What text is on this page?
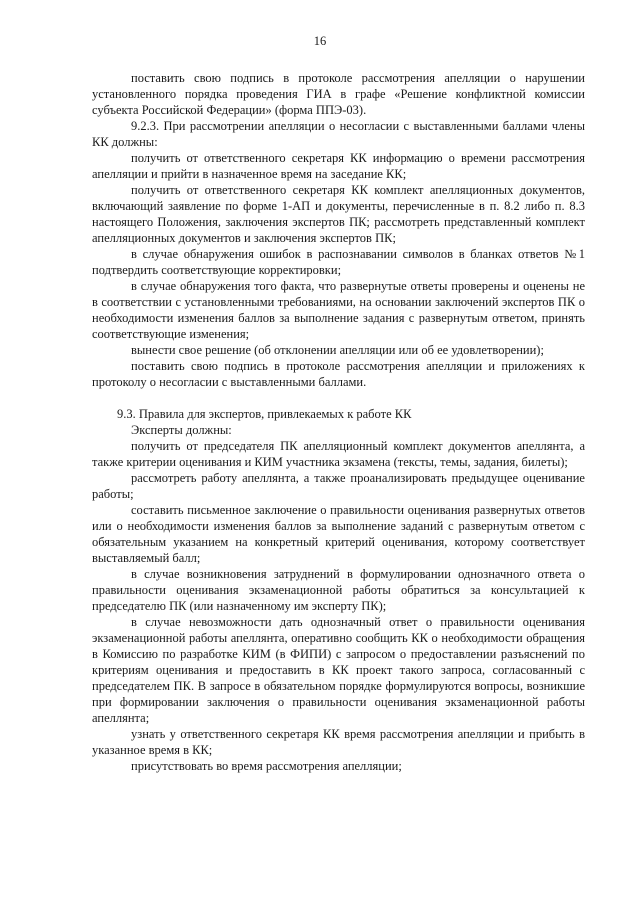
16

поставить свою подпись в протоколе рассмотрения апелляции о нарушении установленного порядка проведения ГИА в графе «Решение конфликтной комиссии субъекта Российской Федерации» (форма ППЭ-03).

9.2.3. При рассмотрении апелляции о несогласии с выставленными баллами члены КК должны:

получить от ответственного секретаря КК информацию о времени рассмотрения апелляции и прийти в назначенное время на заседание КК;

получить от ответственного секретаря КК комплект апелляционных документов, включающий заявление по форме 1-АП и документы, перечисленные в п. 8.2 либо п. 8.3 настоящего Положения, заключения экспертов ПК; рассмотреть представленный комплект апелляционных документов и заключения экспертов ПК;

в случае обнаружения ошибок в распознавании символов в бланках ответов №1 подтвердить соответствующие корректировки;

в случае обнаружения того факта, что развернутые ответы проверены и оценены не в соответствии с установленными требованиями, на основании заключений экспертов ПК о необходимости изменения баллов за выполнение задания с развернутым ответом, принять соответствующие изменения;

вынести свое решение (об отклонении апелляции или об ее удовлетворении);

поставить свою подпись в протоколе рассмотрения апелляции и приложениях к протоколу о несогласии с выставленными баллами.

9.3. Правила для экспертов, привлекаемых к работе КК

Эксперты должны:

получить от председателя ПК апелляционный комплект документов апеллянта, а также критерии оценивания и КИМ участника экзамена (тексты, темы, задания, билеты);

рассмотреть работу апеллянта, а также проанализировать предыдущее оценивание работы;

составить письменное заключение о правильности оценивания развернутых ответов или о необходимости изменения баллов за выполнение заданий с развернутым ответом с обязательным указанием на конкретный критерий оценивания, которому соответствует выставляемый балл;

в случае возникновения затруднений в формулировании однозначного ответа о правильности оценивания экзаменационной работы обратиться за консультацией к председателю ПК (или назначенному им эксперту ПК);

в случае невозможности дать однозначный ответ о правильности оценивания экзаменационной работы апеллянта, оперативно сообщить КК о необходимости обращения в Комиссию по разработке КИМ (в ФИПИ) с запросом о предоставлении разъяснений по критериям оценивания и предоставить в КК проект такого запроса, согласованный с председателем ПК. В запросе в обязательном порядке формулируются вопросы, возникшие при формировании заключения о правильности оценивания экзаменационной работы апеллянта;

узнать у ответственного секретаря КК время рассмотрения апелляции и прибыть в указанное время в КК;

присутствовать во время рассмотрения апелляции;
